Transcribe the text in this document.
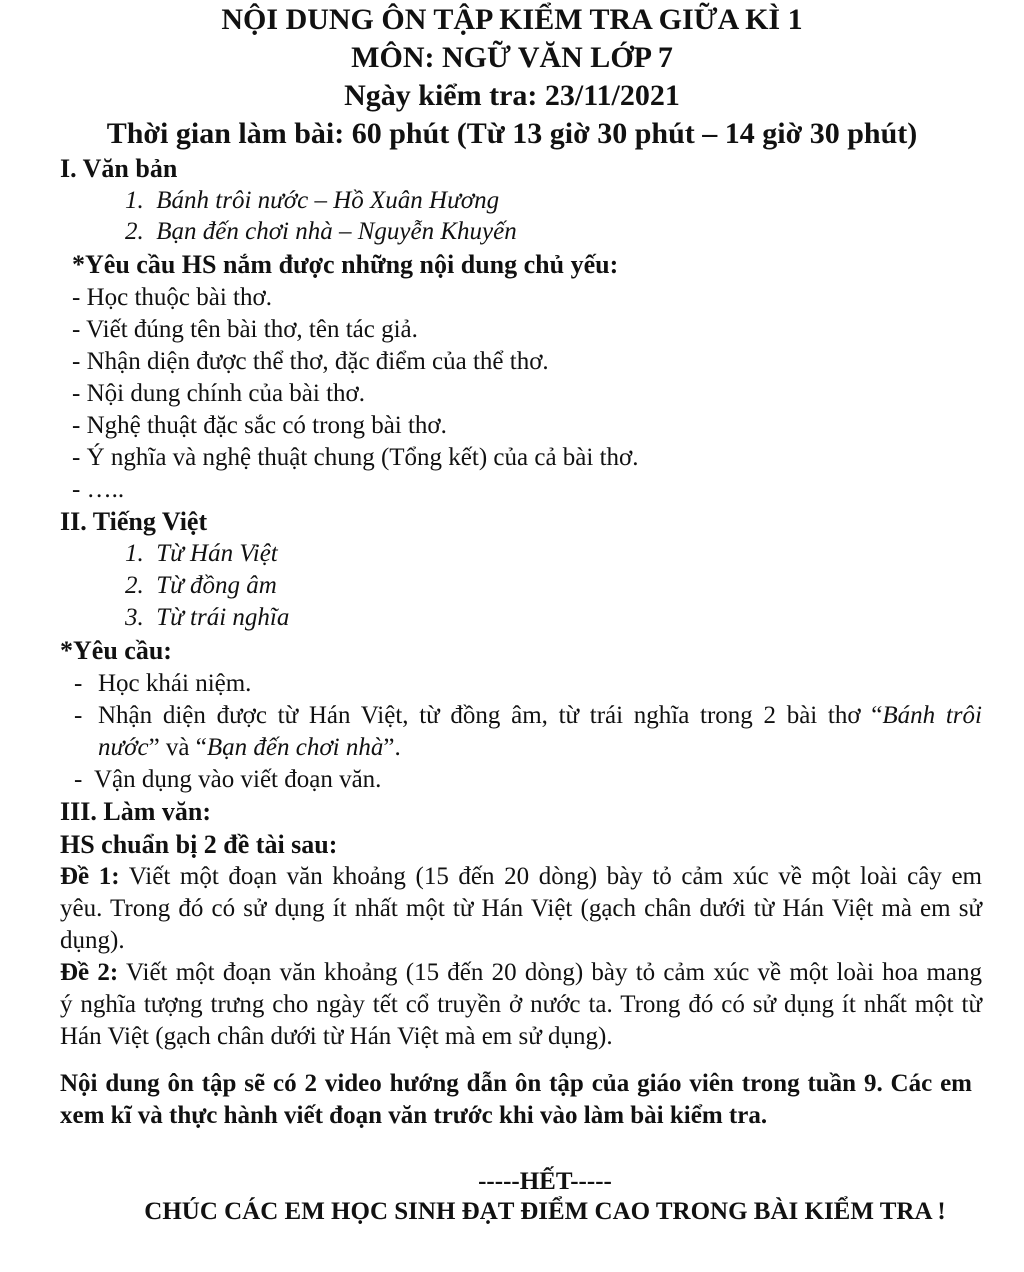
NỘI DUNG ÔN TẬP KIỂM TRA GIỮA KÌ 1
MÔN: NGỮ VĂN LỚP 7
Ngày kiểm tra: 23/11/2021
Thời gian làm bài: 60 phút (Từ 13 giờ 30 phút – 14 giờ 30 phút)
I. Văn bản
1. Bánh trôi nước – Hồ Xuân Hương
2. Bạn đến chơi nhà – Nguyễn Khuyến
*Yêu cầu HS nắm được những nội dung chủ yếu:
- Học thuộc bài thơ.
- Viết đúng tên bài thơ, tên tác giả.
- Nhận diện được thể thơ, đặc điểm của thể thơ.
- Nội dung chính của bài thơ.
- Nghệ thuật đặc sắc có trong bài thơ.
- Ý nghĩa và nghệ thuật chung (Tổng kết) của cả bài thơ.
- …..
II. Tiếng Việt
1. Từ Hán Việt
2. Từ đồng âm
3. Từ trái nghĩa
*Yêu cầu:
- Học khái niệm.
- Nhận diện được từ Hán Việt, từ đồng âm, từ trái nghĩa trong 2 bài thơ “Bánh trôi
nước” và “Bạn đến chơi nhà”.
- Vận dụng vào viết đoạn văn.
III. Làm văn:
HS chuẩn bị 2 đề tài sau:
Đề 1: Viết một đoạn văn khoảng (15 đến 20 dòng) bày tỏ cảm xúc về một loài cây em
yêu. Trong đó có sử dụng ít nhất một từ Hán Việt (gạch chân dưới từ Hán Việt mà em sử
dụng).
Đề 2: Viết một đoạn văn khoảng (15 đến 20 dòng) bày tỏ cảm xúc về một loài hoa mang
ý nghĩa tượng trưng cho ngày tết cổ truyền ở nước ta. Trong đó có sử dụng ít nhất một từ
Hán Việt (gạch chân dưới từ Hán Việt mà em sử dụng).
Nội dung ôn tập sẽ có 2 video hướng dẫn ôn tập của giáo viên trong tuần 9. Các em
xem kĩ và thực hành viết đoạn văn trước khi vào làm bài kiểm tra.
-----HẾT-----
CHÚC CÁC EM HỌC SINH ĐẠT ĐIỂM CAO TRONG BÀI KIỂM TRA !
